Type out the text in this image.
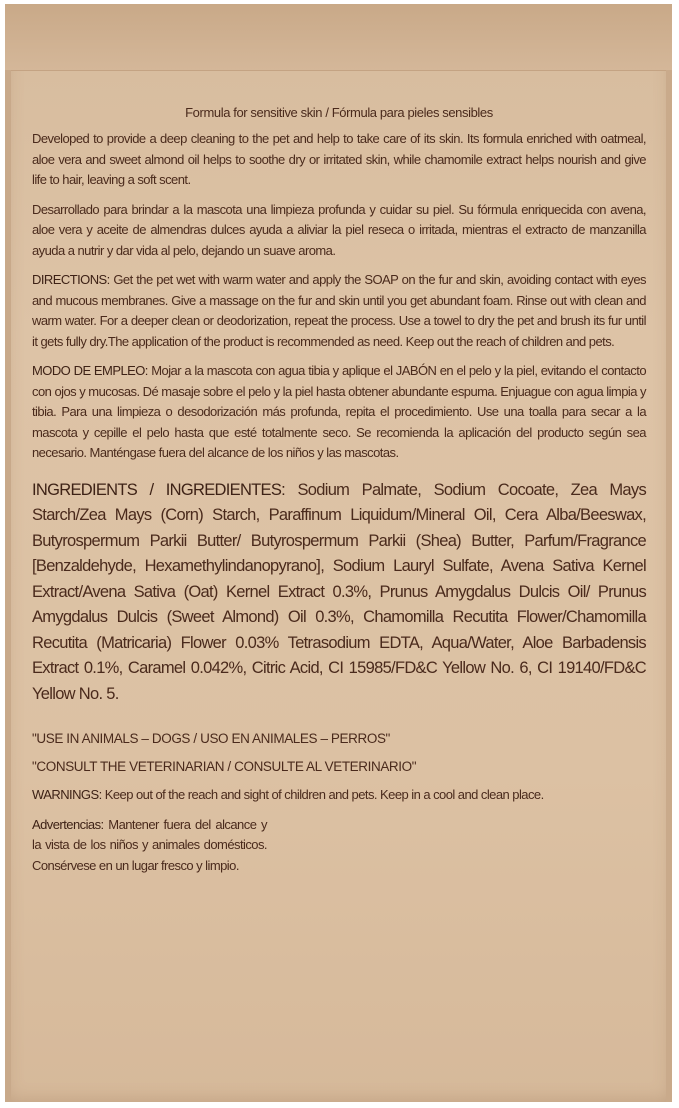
Formula for sensitive skin / Fórmula para pieles sensibles

Developed to provide a deep cleaning to the pet and help to take care of its skin. Its formula enriched with oatmeal, aloe vera and sweet almond oil helps to soothe dry or irritated skin, while chamomile extract helps nourish and give life to hair, leaving a soft scent.

Desarrollado para brindar a la mascota una limpieza profunda y cuidar su piel. Su fórmula enriquecida con avena, aloe vera y aceite de almendras dulces ayuda a aliviar la piel reseca o irritada, mientras el extracto de manzanilla ayuda a nutrir y dar vida al pelo, dejando un suave aroma.

DIRECTIONS: Get the pet wet with warm water and apply the SOAP on the fur and skin, avoiding contact with eyes and mucous membranes. Give a massage on the fur and skin until you get abundant foam. Rinse out with clean and warm water. For a deeper clean or deodorization, repeat the process. Use a towel to dry the pet and brush its fur until it gets fully dry.The application of the product is recommended as need. Keep out the reach of children and pets.

MODO DE EMPLEO: Mojar a la mascota con agua tibia y aplique el JABÓN en el pelo y la piel, evitando el contacto con ojos y mucosas. Dé masaje sobre el pelo y la piel hasta obtener abundante espuma. Enjuague con agua limpia y tibia. Para una limpieza o desodorización más profunda, repita el procedimiento. Use una toalla para secar a la mascota y cepille el pelo hasta que esté totalmente seco. Se recomienda la aplicación del producto según sea necesario. Manténgase fuera del alcance de los niños y las mascotas.

INGREDIENTS / INGREDIENTES: Sodium Palmate, Sodium Cocoate, Zea Mays Starch/Zea Mays (Corn) Starch, Paraffinum Liquidum/Mineral Oil, Cera Alba/Beeswax, Butyrospermum Parkii Butter/ Butyrospermum Parkii (Shea) Butter, Parfum/Fragrance [Benzaldehyde, Hexamethylindanopyrano], Sodium Lauryl Sulfate, Avena Sativa Kernel Extract/Avena Sativa (Oat) Kernel Extract 0.3%, Prunus Amygdalus Dulcis Oil/ Prunus Amygdalus Dulcis (Sweet Almond) Oil 0.3%, Chamomilla Recutita Flower/Chamomilla Recutita (Matricaria) Flower 0.03% Tetrasodium EDTA, Aqua/Water, Aloe Barbadensis Extract 0.1%, Caramel 0.042%, Citric Acid, CI 15985/FD&C Yellow No. 6, CI 19140/FD&C Yellow No. 5.

"USE IN ANIMALS – DOGS / USO EN ANIMALES – PERROS"
"CONSULT THE VETERINARIAN / CONSULTE AL VETERINARIO"

WARNINGS: Keep out of the reach and sight of children and pets. Keep in a cool and clean place.

Advertencias: Mantener fuera del alcance y la vista de los niños y animales domésticos. Consérvese en un lugar fresco y limpio.
